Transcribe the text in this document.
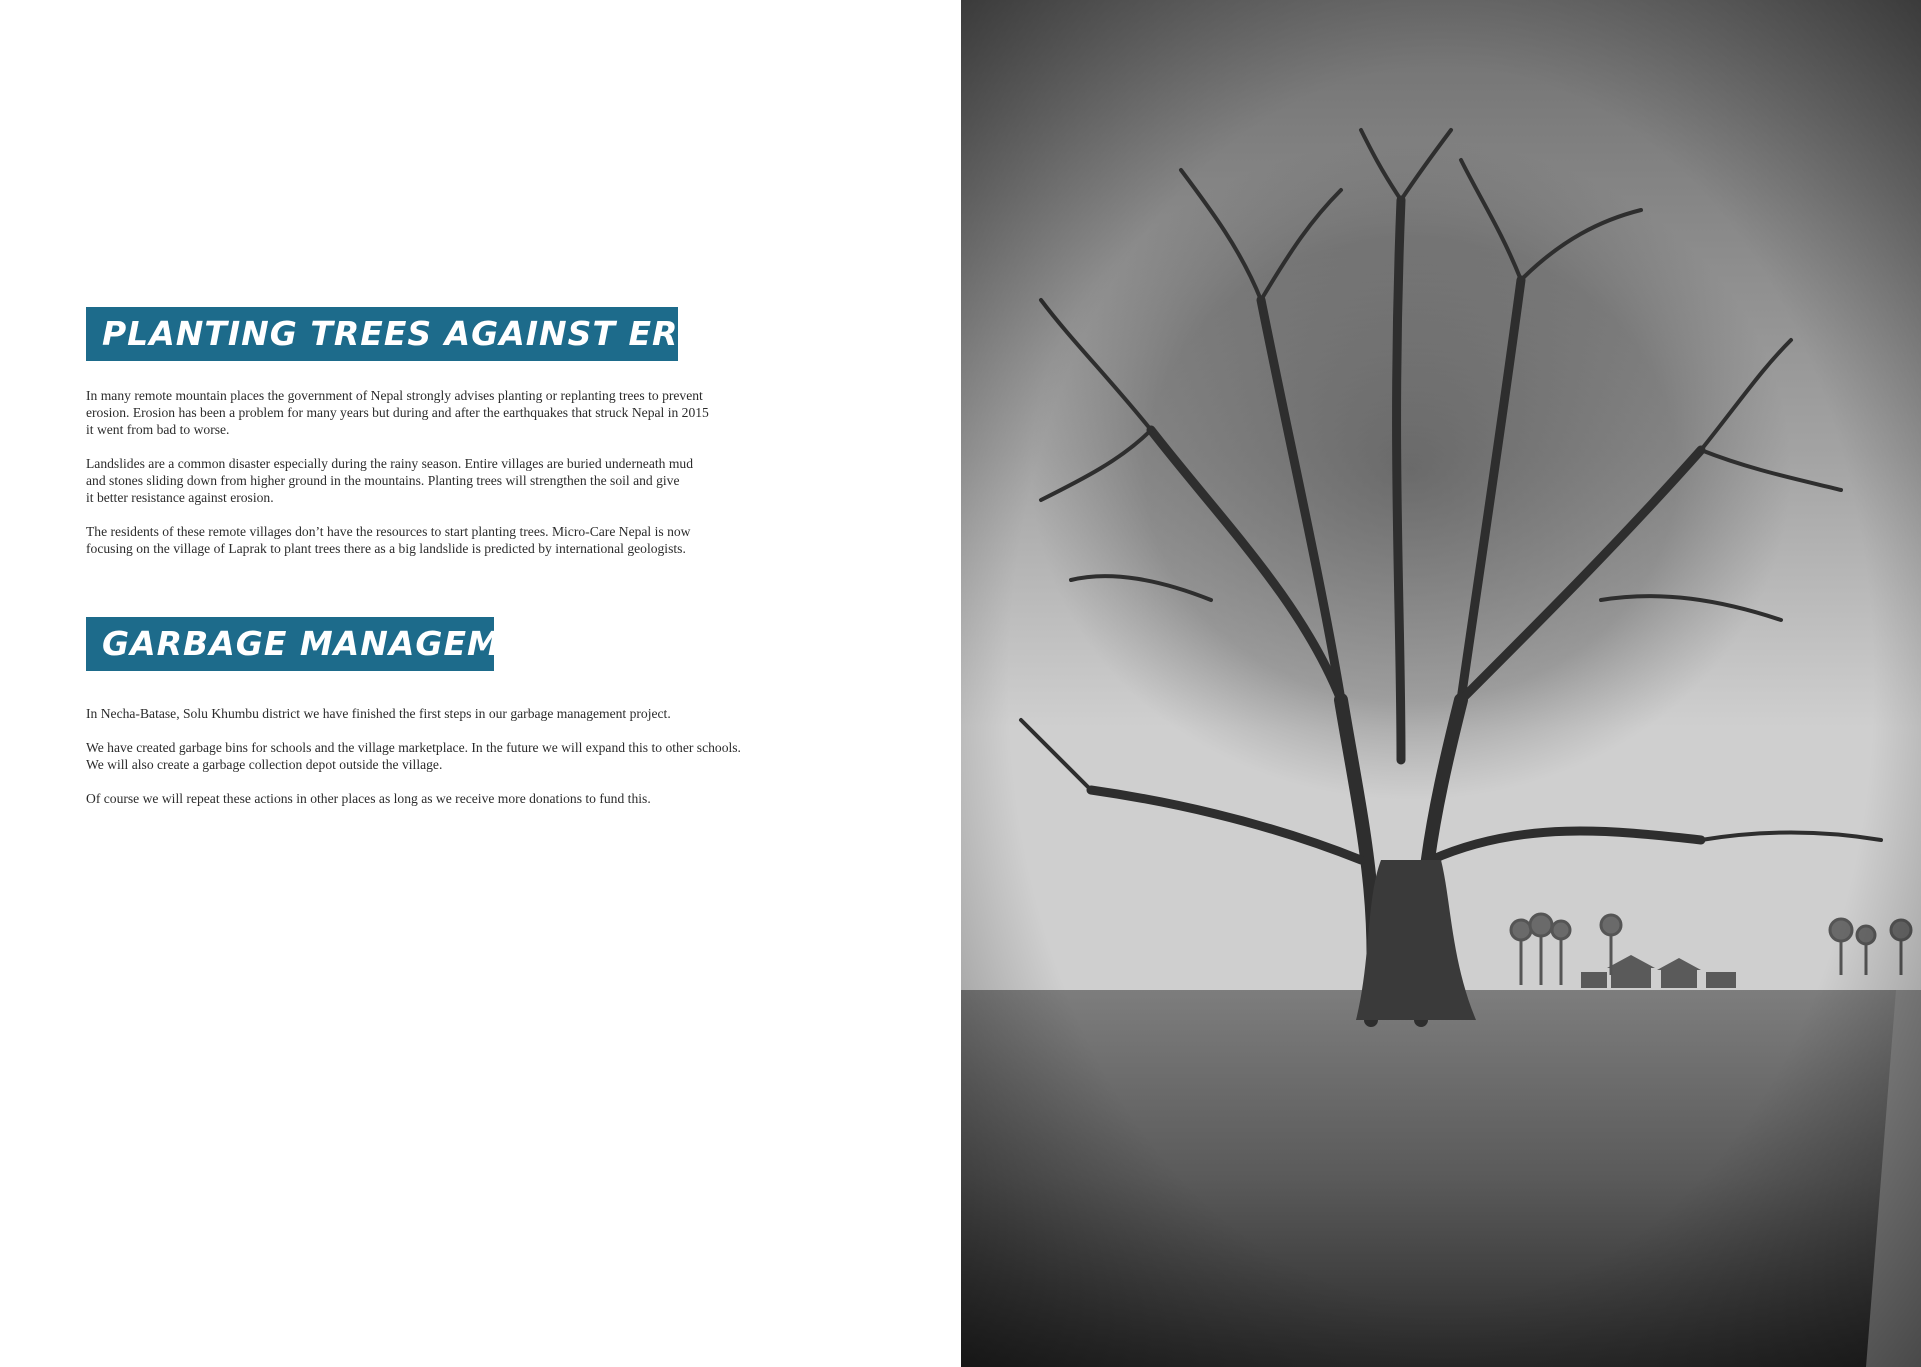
PLANTING TREES AGAINST EROSION

In many remote mountain places the government of Nepal strongly advises planting or replanting trees to prevent
erosion. Erosion has been a problem for many years but during and after the earthquakes that struck Nepal in 2015
it went from bad to worse.

Landslides are a common disaster especially during the rainy season. Entire villages are buried underneath mud
and stones sliding down from higher ground in the mountains. Planting trees will strengthen the soil and give
it better resistance against erosion.

The residents of these remote villages don’t have the resources to start planting trees. Micro-Care Nepal is now
focusing on the village of Laprak to plant trees there as a big landslide is predicted by international geologists.

GARBAGE MANAGEMENT

In Necha-Batase, Solu Khumbu district we have finished the first steps in our garbage management project.

We have created garbage bins for schools and the village marketplace. In the future we will expand this to other schools.
We will also create a garbage collection depot outside the village.

Of course we will repeat these actions in other places as long as we receive more donations to fund this.
